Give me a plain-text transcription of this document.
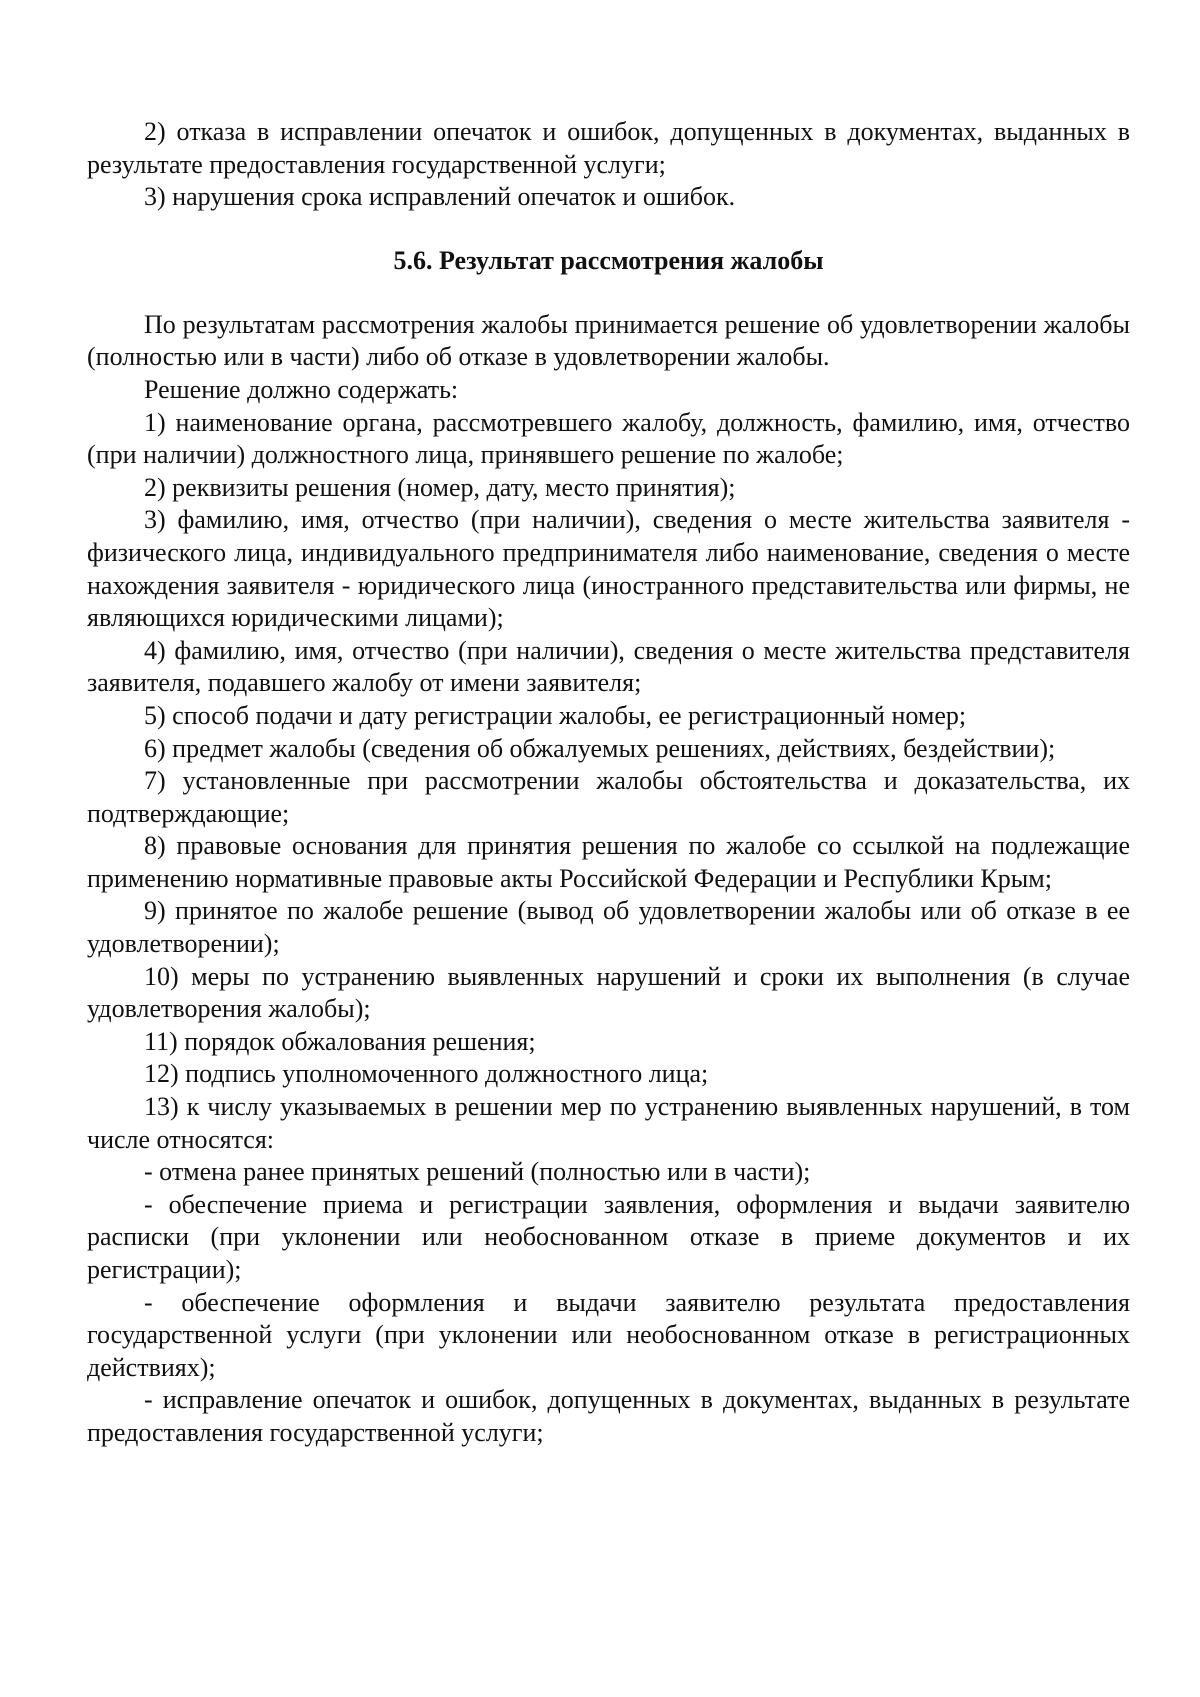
2) отказа в исправлении опечаток и ошибок, допущенных в документах, выданных в результате предоставления государственной услуги;

3) нарушения срока исправлений опечаток и ошибок.

5.6. Результат рассмотрения жалобы

По результатам рассмотрения жалобы принимается решение об удовлетворении жалобы (полностью или в части) либо об отказе в удовлетворении жалобы.

Решение должно содержать:

1) наименование органа, рассмотревшего жалобу, должность, фамилию, имя, отчество (при наличии) должностного лица, принявшего решение по жалобе;

2) реквизиты решения (номер, дату, место принятия);

3) фамилию, имя, отчество (при наличии), сведения о месте жительства заявителя - физического лица, индивидуального предпринимателя либо наименование, сведения о месте нахождения заявителя - юридического лица (иностранного представительства или фирмы, не являющихся юридическими лицами);

4) фамилию, имя, отчество (при наличии), сведения о месте жительства представителя заявителя, подавшего жалобу от имени заявителя;

5) способ подачи и дату регистрации жалобы, ее регистрационный номер;

6) предмет жалобы (сведения об обжалуемых решениях, действиях, бездействии);

7) установленные при рассмотрении жалобы обстоятельства и доказательства, их подтверждающие;

8) правовые основания для принятия решения по жалобе со ссылкой на подлежащие применению нормативные правовые акты Российской Федерации и Республики Крым;

9) принятое по жалобе решение (вывод об удовлетворении жалобы или об отказе в ее удовлетворении);

10) меры по устранению выявленных нарушений и сроки их выполнения (в случае удовлетворения жалобы);

11) порядок обжалования решения;

12) подпись уполномоченного должностного лица;

13) к числу указываемых в решении мер по устранению выявленных нарушений, в том числе относятся:

- отмена ранее принятых решений (полностью или в части);

- обеспечение приема и регистрации заявления, оформления и выдачи заявителю расписки (при уклонении или необоснованном отказе в приеме документов и их регистрации);

- обеспечение оформления и выдачи заявителю результата предоставления государственной услуги (при уклонении или необоснованном отказе в регистрационных действиях);

- исправление опечаток и ошибок, допущенных в документах, выданных в результате предоставления государственной услуги;
